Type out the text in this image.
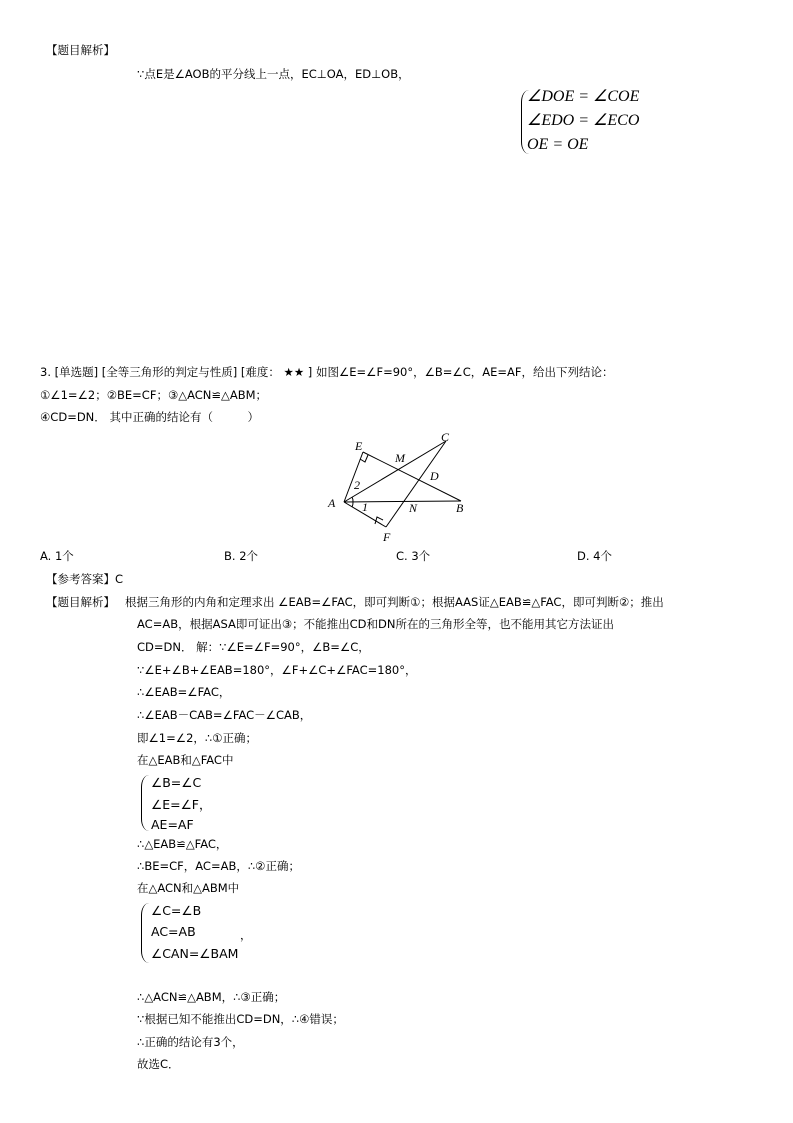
【题目解析】
∵点E是∠AOB的平分线上一点，EC⊥OA，ED⊥OB，
∠DOE = ∠COE
∠EDO = ∠ECO
OE = OE
3. [单选题] [全等三角形的判定与性质] [难度： ★★ ] 如图∠E=∠F=90°，∠B=∠C，AE=AF，给出下列结论：
①∠1=∠2；②BE=CF；③△ACN≌△ABM；
④CD=DN． 其中正确的结论有（　　　）
E
C
M
D
2
A 1	N	B
F
A. 1个	B. 2个	C. 3个	D. 4个
【参考答案】C
【题目解析】 根据三角形的内角和定理求出 ∠EAB=∠FAC，即可判断①；根据AAS证△EAB≌△FAC，即可判断②；推出
AC=AB，根据ASA即可证出③；不能推出CD和DN所在的三角形全等，也不能用其它方法证出
CD=DN． 解：∵∠E=∠F=90°，∠B=∠C，
∵∠E+∠B+∠EAB=180°，∠F+∠C+∠FAC=180°，
∴∠EAB=∠FAC，
∴∠EAB－CAB=∠FAC－∠CAB，
即∠1=∠2，∴①正确；
在△EAB和△FAC中
∠B=∠C
∠E=∠F，
AE=AF
∴△EAB≌△FAC，
∴BE=CF，AC=AB，∴②正确；
在△ACN和△ABM中
∠C=∠B
AC=AB
∠CAN=∠BAM
，
∴△ACN≌△ABM，∴③正确；
∵根据已知不能推出CD=DN，∴④错误；
∴正确的结论有3个，
故选C．
